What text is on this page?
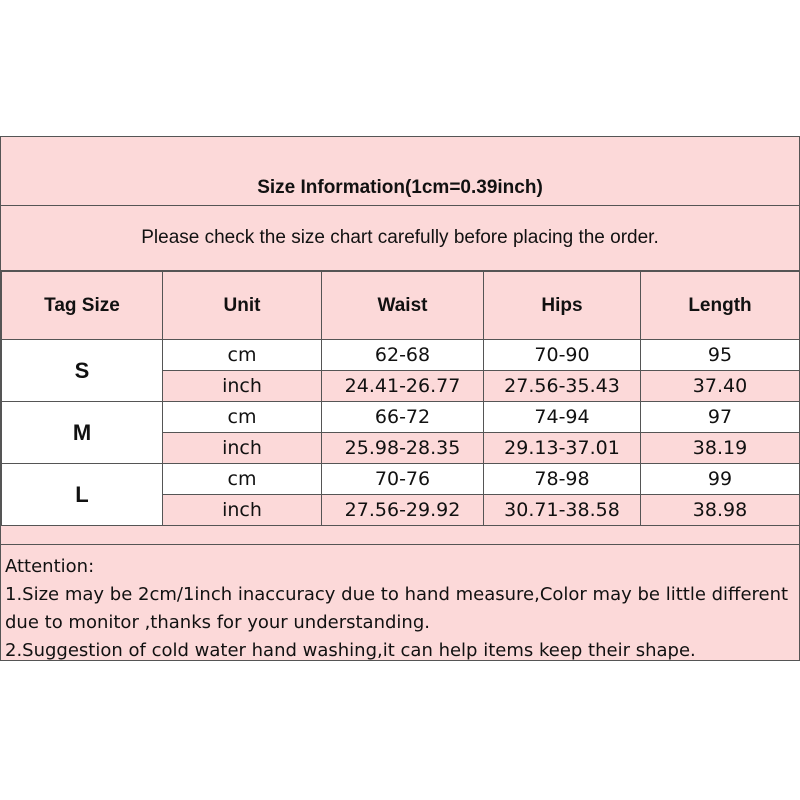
Size Information(1cm=0.39inch)
Please check the size chart carefully before placing the order.
Tag Size	Unit	Waist	Hips	Length
S	cm	62-68	70-90	95
	inch	24.41-26.77	27.56-35.43	37.40
M	cm	66-72	74-94	97
	inch	25.98-28.35	29.13-37.01	38.19
L	cm	70-76	78-98	99
	inch	27.56-29.92	30.71-38.58	38.98
Attention:
1.Size may be 2cm/1inch inaccuracy due to hand measure,Color may be little different due to monitor ,thanks for your understanding.
2.Suggestion of cold water hand washing,it can help items keep their shape.
